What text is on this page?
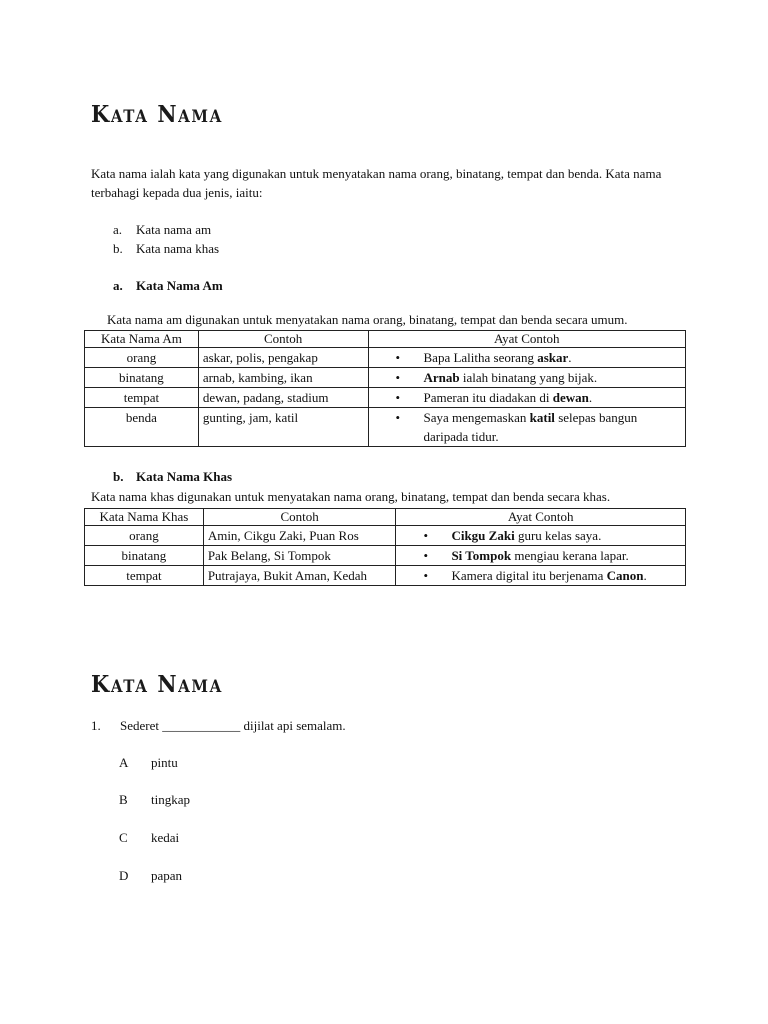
Kata Nama
Kata nama ialah kata yang digunakan untuk menyatakan nama orang, binatang, tempat dan benda. Kata nama terbahagi kepada dua jenis, iaitu:
a.	Kata nama am
b.	Kata nama khas
a. Kata Nama Am
Kata nama am digunakan untuk menyatakan nama orang, binatang, tempat dan benda secara umum.
Kata Nama Am	Contoh	Ayat Contoh
orang	askar, polis, pengakap	• Bapa Lalitha seorang askar.

binatang	arnab, kambing, ikan	• Arnab ialah binatang yang bijak.

tempat	dewan, padang, stadium	• Pameran itu diadakan di dewan.

benda	gunting, jam, katil	• Saya mengemaskan katil selepas bangun daripada tidur.
b. Kata Nama Khas
Kata nama khas digunakan untuk menyatakan nama orang, binatang, tempat dan benda secara khas.
Kata Nama Khas	Contoh	Ayat Contoh
orang	Amin, Cikgu Zaki, Puan Ros	• Cikgu Zaki guru kelas saya.

binatang	Pak Belang, Si Tompok	• Si Tompok mengiau kerana lapar.

tempat	Putrajaya, Bukit Aman, Kedah	• Kamera digital itu berjenama Canon.
Kata Nama
1. Sederet ____________ dijilat api semalam.
A pintu
B tingkap
C kedai
D papan
